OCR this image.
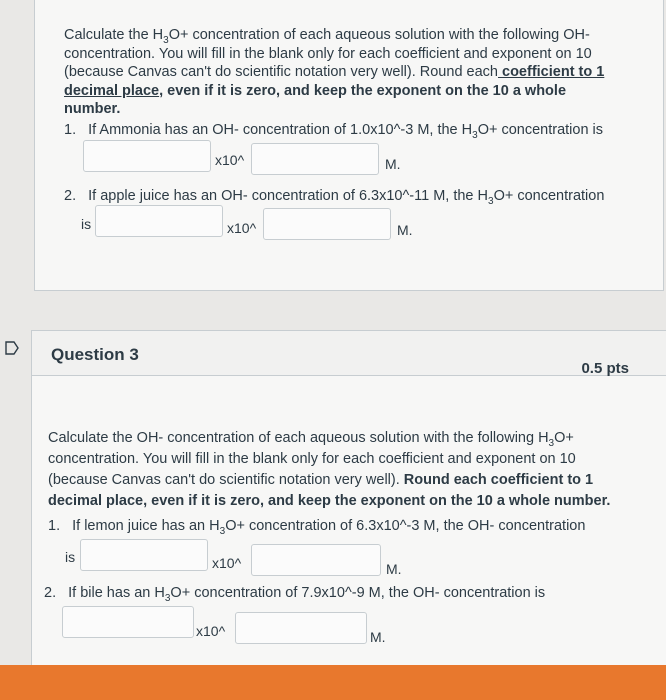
Calculate the $H_3O+$ concentration of each aqueous solution with the following OH- concentration. You will fill in the blank only for each coefficient and exponent on 10 (because Canvas can't do scientific notation very well). Round each coefficient to 1 decimal place, even if it is zero, and keep the exponent on the 10 a whole number.

1. If Ammonia has an OH- concentration of 1.0x10^-3 M, the $H_3O+$ concentration is
x10^	M.
2. If apple juice has an OH- concentration of 6.3x10^-11 M, the $H_3O+$ concentration
is	x10^	M.
Question 3
0.5 pts

Calculate the OH- concentration of each aqueous solution with the following $H_3O+$ concentration. You will fill in the blank only for each coefficient and exponent on 10 (because Canvas can't do scientific notation very well). Round each coefficient to 1 decimal place, even if it is zero, and keep the exponent on the 10 a whole number.

1. If lemon juice has an $H_3O+$ concentration of 6.3x10^-3 M, the OH- concentration
is	x10^	M.
2. If bile has an $H_3O+$ concentration of 7.9x10^-9 M, the OH- concentration is
x10^	M.
